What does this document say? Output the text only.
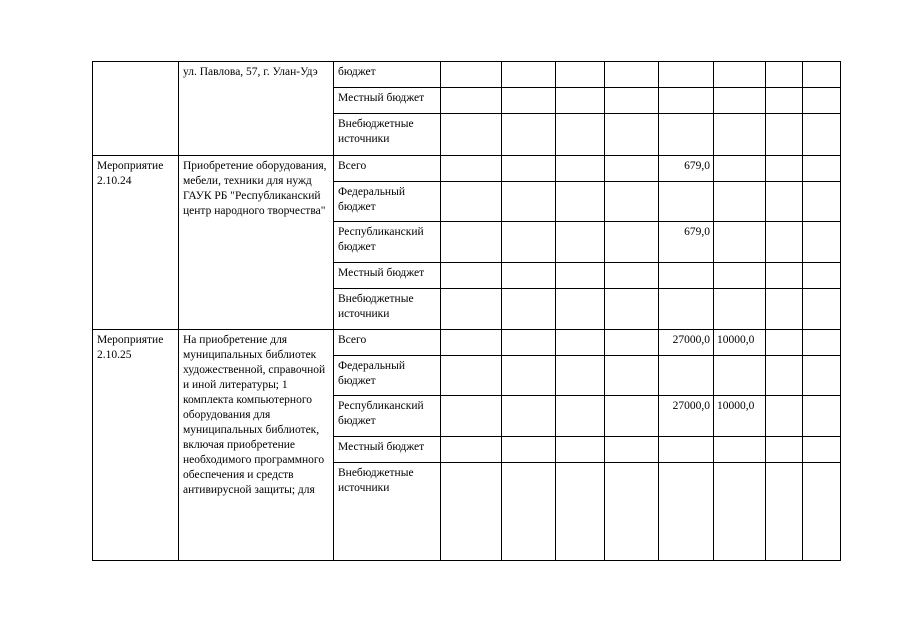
	ул. Павлова, 57, г. Улан-Удэ	бюджет								
		Местный бюджет								
		Внебюджетные источники								
Мероприятие 2.10.24	Приобретение оборудования, мебели, техники для нужд ГАУК РБ "Республиканский центр народного творчества"	Всего					679,0			
		Федеральный бюджет								
		Республиканский бюджет					679,0			
		Местный бюджет								
		Внебюджетные источники								
Мероприятие 2.10.25	На приобретение для муниципальных библиотек художественной, справочной и иной литературы; 1 комплекта компьютерного оборудования для муниципальных библиотек, включая приобретение необходимого программного обеспечения и средств антивирусной защиты; для	Всего					27000,0	10000,0		
		Федеральный бюджет								
		Республиканский бюджет					27000,0	10000,0		
		Местный бюджет								
		Внебюджетные источники								
